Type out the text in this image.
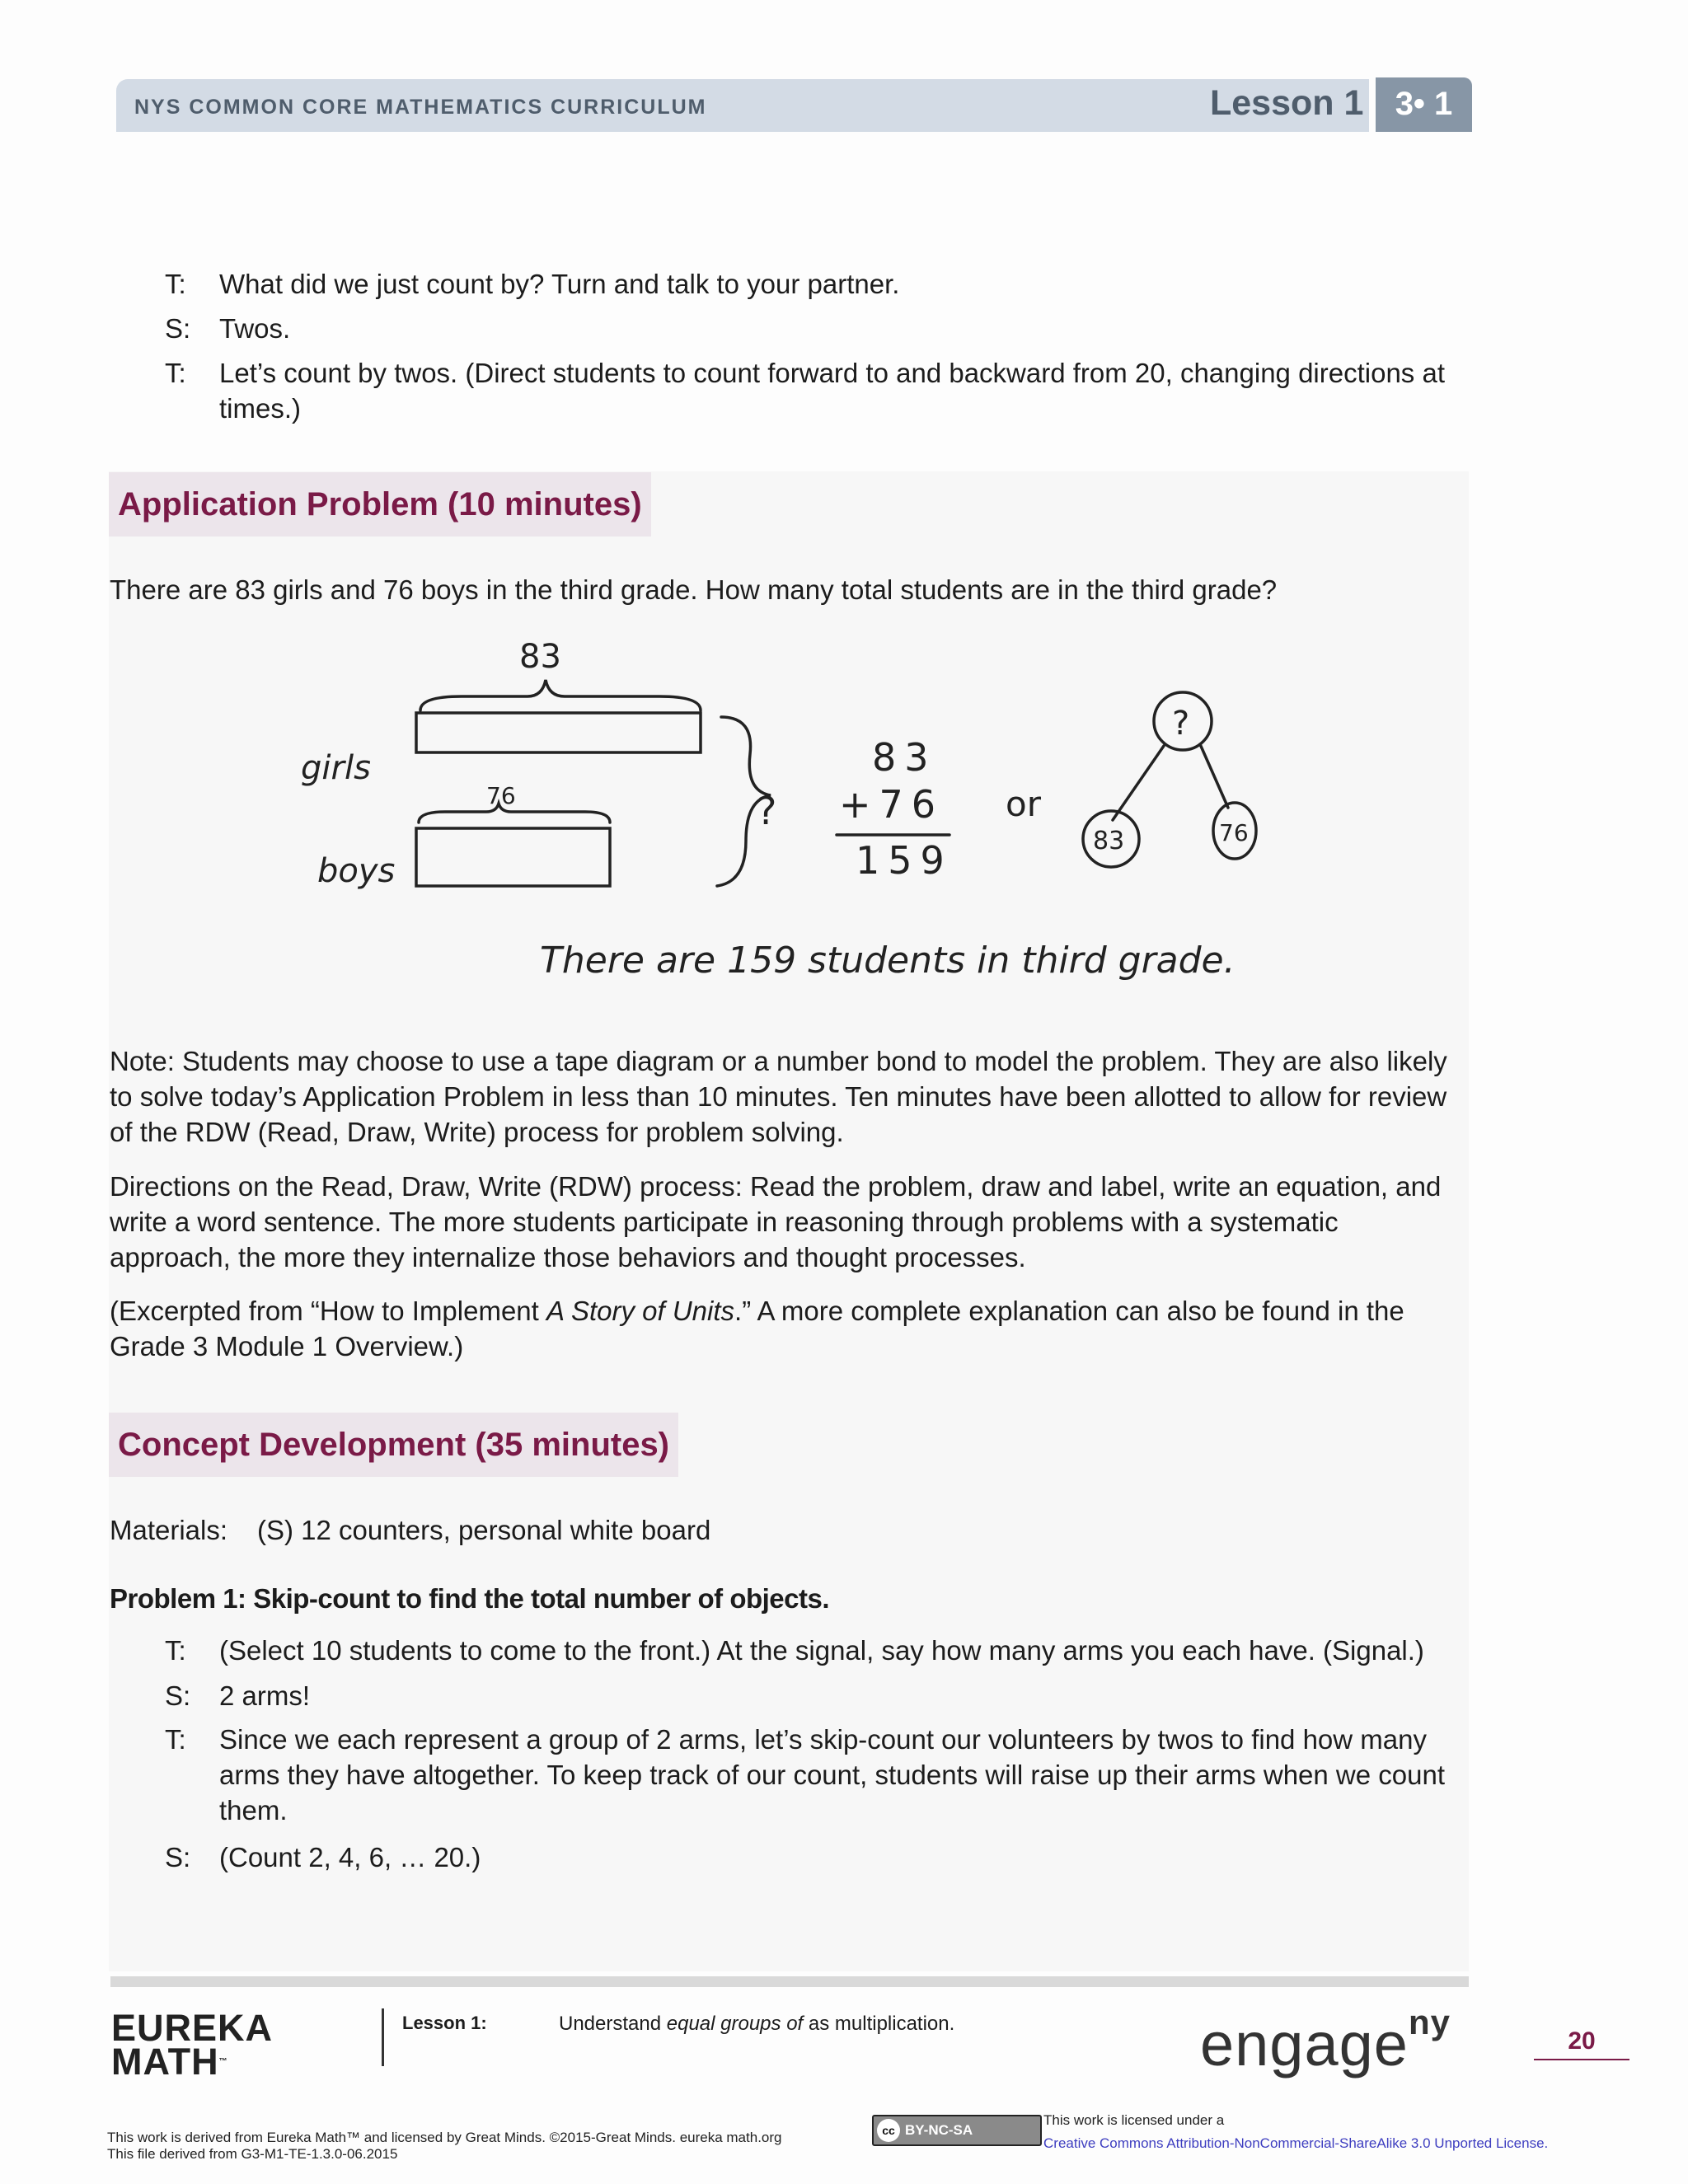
NYS COMMON CORE MATHEMATICS CURRICULUM	Lesson 1 3• 1
T:	What did we just count by? Turn and talk to your partner.
S:	Twos.
T:	Let’s count by twos. (Direct students to count forward to and backward from 20, changing directions at times.)
Application Problem (10 minutes)
There are 83 girls and 76 boys in the third grade. How many total students are in the third grade?
83
girls
76
boys
?
83
+76
159
or
?
83	76
There are 159 students in third grade.
Note: Students may choose to use a tape diagram or a number bond to model the problem. They are also likely to solve today’s Application Problem in less than 10 minutes. Ten minutes have been allotted to allow for review of the RDW (Read, Draw, Write) process for problem solving.
Directions on the Read, Draw, Write (RDW) process: Read the problem, draw and label, write an equation, and write a word sentence. The more students participate in reasoning through problems with a systematic approach, the more they internalize those behaviors and thought processes.
(Excerpted from “How to Implement A Story of Units.” A more complete explanation can also be found in the Grade 3 Module 1 Overview.)
Concept Development (35 minutes)
Materials: (S) 12 counters, personal white board
Problem 1: Skip-count to find the total number of objects.
T:	(Select 10 students to come to the front.) At the signal, say how many arms you each have. (Signal.)
S:	2 arms!
T:	Since we each represent a group of 2 arms, let’s skip-count our volunteers by twos to find how many arms they have altogether. To keep track of our count, students will raise up their arms when we count them.
S:	(Count 2, 4, 6, … 20.)
EUREKA
MATH™
Lesson 1:	Understand equal groups of as multiplication.	engage$^{ny}$	20
This work is derived from Eureka Math™ and licensed by Great Minds. ©2015-Great Minds. eureka math.org
This file derived from G3-M1-TE-1.3.0-06.2015
cc BY-NC-SA
This work is licensed under a
Creative Commons Attribution-NonCommercial-ShareAlike 3.0 Unported License.
